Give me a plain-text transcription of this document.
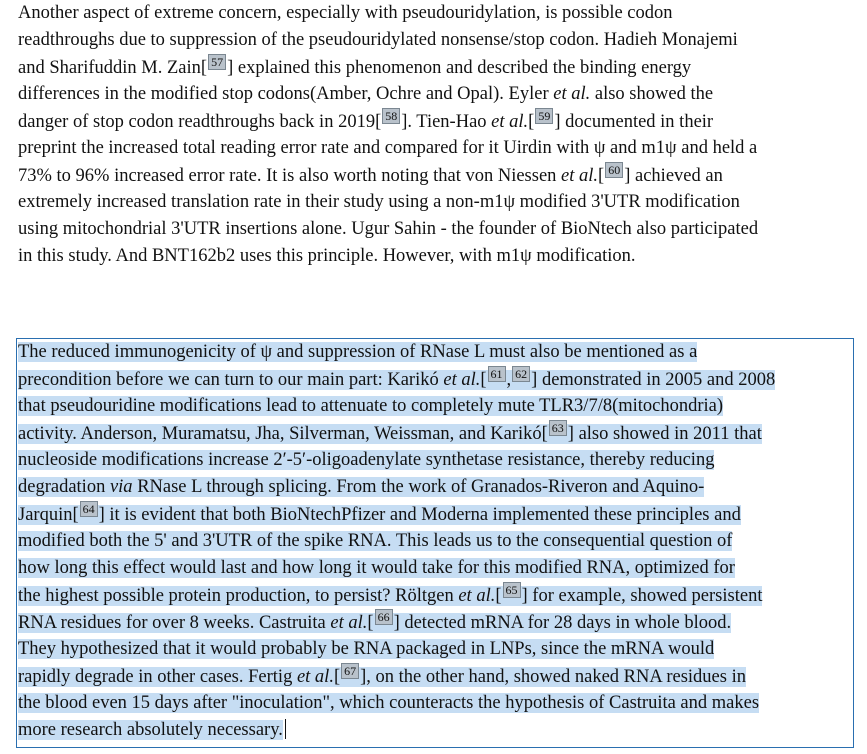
Another aspect of extreme concern, especially with pseudouridylation, is possible codon
readthroughs due to suppression of the pseudouridylated nonsense/stop codon. Hadieh Monajemi
and Sharifuddin M. Zain[ 57 ] explained this phenomenon and described the binding energy
differences in the modified stop codons(Amber, Ochre and Opal). Eyler et al. also showed the
danger of stop codon readthroughs back in 2019[ 58 ]. Tien-Hao et al.[ 59 ] documented in their
preprint the increased total reading error rate and compared for it Uirdin with ψ and m1ψ and held a
73% to 96% increased error rate. It is also worth noting that von Niessen et al.[ 60 ] achieved an
extremely increased translation rate in their study using a non-m1ψ modified 3'UTR modification
using mitochondrial 3'UTR insertions alone. Ugur Sahin - the founder of BioNtech also participated
in this study. And BNT162b2 uses this principle. However, with m1ψ modification.
The reduced immunogenicity of ψ and suppression of RNase L must also be mentioned as a
precondition before we can turn to our main part: Karikó et al.[ 61 , 62 ] demonstrated in 2005 and 2008
that pseudouridine modifications lead to attenuate to completely mute TLR3/7/8(mitochondria)
activity. Anderson, Muramatsu, Jha, Silverman, Weissman, and Karikó[ 63 ] also showed in 2011 that
nucleoside modifications increase 2′-5′-oligoadenylate synthetase resistance, thereby reducing
degradation via RNase L through splicing. From the work of Granados-Riveron and Aquino-
Jarquin[ 64 ] it is evident that both BioNtechPfizer and Moderna implemented these principles and
modified both the 5' and 3'UTR of the spike RNA. This leads us to the consequential question of
how long this effect would last and how long it would take for this modified RNA, optimized for
the highest possible protein production, to persist? Röltgen et al.[ 65 ] for example, showed persistent
RNA residues for over 8 weeks. Castruita et al.[ 66 ] detected mRNA for 28 days in whole blood.
They hypothesized that it would probably be RNA packaged in LNPs, since the mRNA would
rapidly degrade in other cases. Fertig et al.[ 67 ], on the other hand, showed naked RNA residues in
the blood even 15 days after "inoculation", which counteracts the hypothesis of Castruita and makes
more research absolutely necessary.
